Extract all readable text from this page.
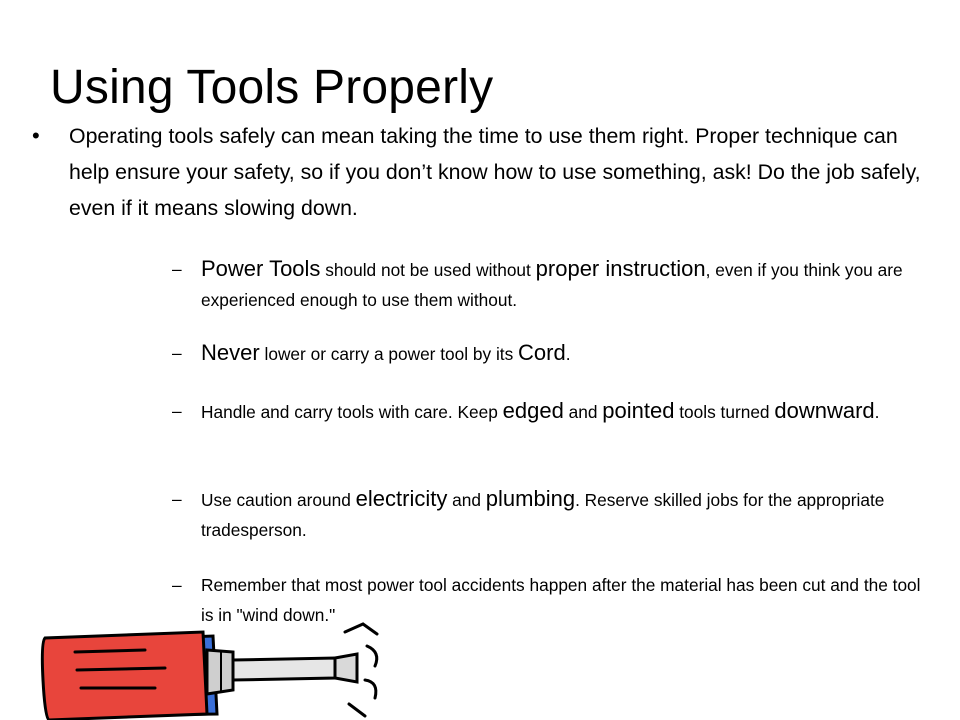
Using Tools Properly
• Operating tools safely can mean taking the time to use them right. Proper technique can help ensure your safety, so if you don’t know how to use something, ask! Do the job safely, even if it means slowing down.
– Power Tools should not be used without proper instruction, even if you think you are experienced enough to use them without.
– Never lower or carry a power tool by its Cord.
– Handle and carry tools with care. Keep edged and pointed tools turned downward.
– Use caution around electricity and plumbing. Reserve skilled jobs for the appropriate tradesperson.
– Remember that most power tool accidents happen after the material has been cut and the tool is in "wind down."
